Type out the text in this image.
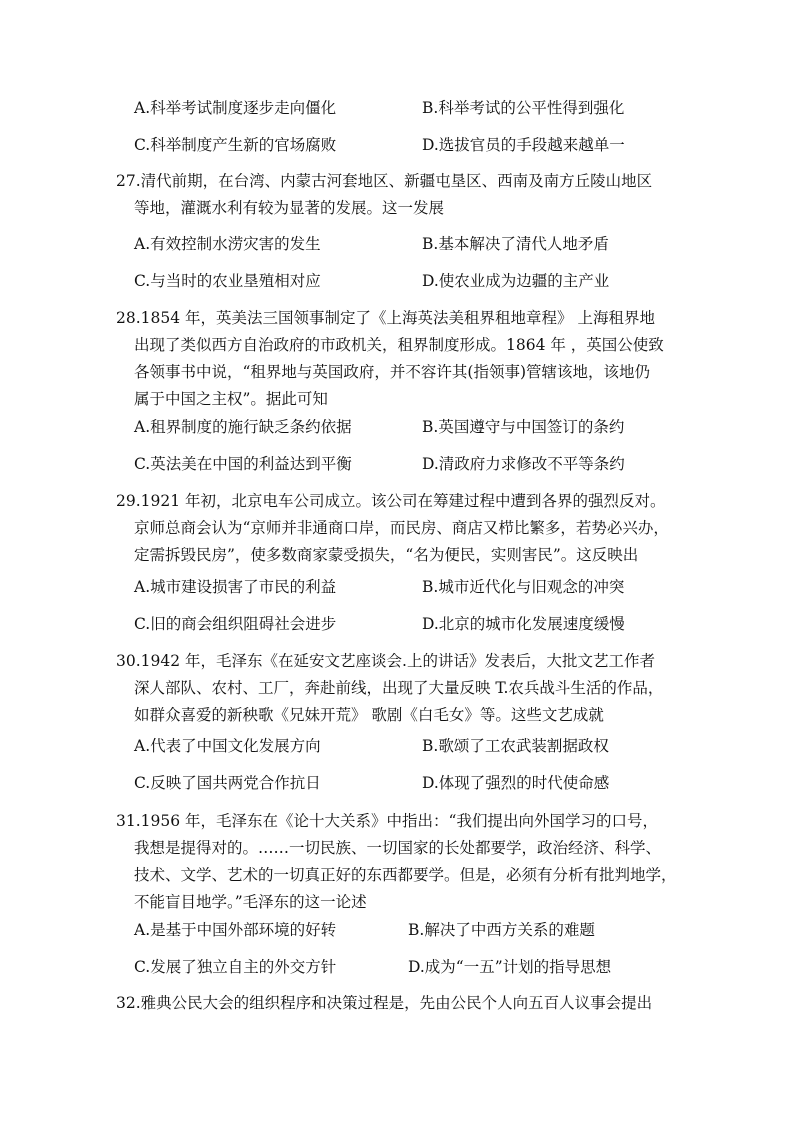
A.科举考试制度逐步走向僵化	B.科举考试的公平性得到强化
C.科举制度产生新的官场腐败	D.选拔官员的手段越来越单一
27.清代前期，在台湾、内蒙古河套地区、新疆屯垦区、西南及南方丘陵山地区
等地，灌溉水利有较为显著的发展。这一发展
A.有效控制水涝灾害的发生	B.基本解决了清代人地矛盾
C.与当时的农业垦殖相对应	D.使农业成为边疆的主产业
28.1854 年，英美法三国领事制定了《上海英法美租界租地章程》 上海租界地
出现了类似西方自治政府的市政机关，租界制度形成。1864 年 ，英国公使致
各领事书中说，“租界地与英国政府，并不容许其(指领事)管辖该地，该地仍
属于中国之主权”。据此可知
A.租界制度的施行缺乏条约依据	B.英国遵守与中国签订的条约
C.英法美在中国的利益达到平衡	D.清政府力求修改不平等条约
29.1921 年初，北京电车公司成立。该公司在筹建过程中遭到各界的强烈反对。
京师总商会认为“京师并非通商口岸，而民房、商店又栉比繁多，若势必兴办，
定需拆毁民房”，使多数商家蒙受损失，“名为便民，实则害民”。这反映出
A.城市建设损害了市民的利益	B.城市近代化与旧观念的冲突
C.旧的商会组织阻碍社会进步	D.北京的城市化发展速度缓慢
30.1942 年，毛泽东《在延安文艺座谈会.上的讲话》发表后，大批文艺工作者
深人部队、农村、工厂，奔赴前线，出现了大量反映 T.农兵战斗生活的作品，
如群众喜爱的新秧歌《兄妹开荒》 歌剧《白毛女》等。这些文艺成就
A.代表了中国文化发展方向	B.歌颂了工农武装割据政权
C.反映了国共两党合作抗日	D.体现了强烈的时代使命感
31.1956 年，毛泽东在《论十大关系》中指出：“我们提出向外国学习的口号，
我想是提得对的。……一切民族、一切国家的长处都要学，政治经济、科学、
技术、文学、艺术的一切真正好的东西都要学。但是，必须有分析有批判地学，
不能盲目地学。”毛泽东的这一论述
A.是基于中国外部环境的好转	B.解决了中西方关系的难题
C.发展了独立自主的外交方针	D.成为“一五”计划的指导思想
32.雅典公民大会的组织程序和决策过程是，先由公民个人向五百人议事会提出
